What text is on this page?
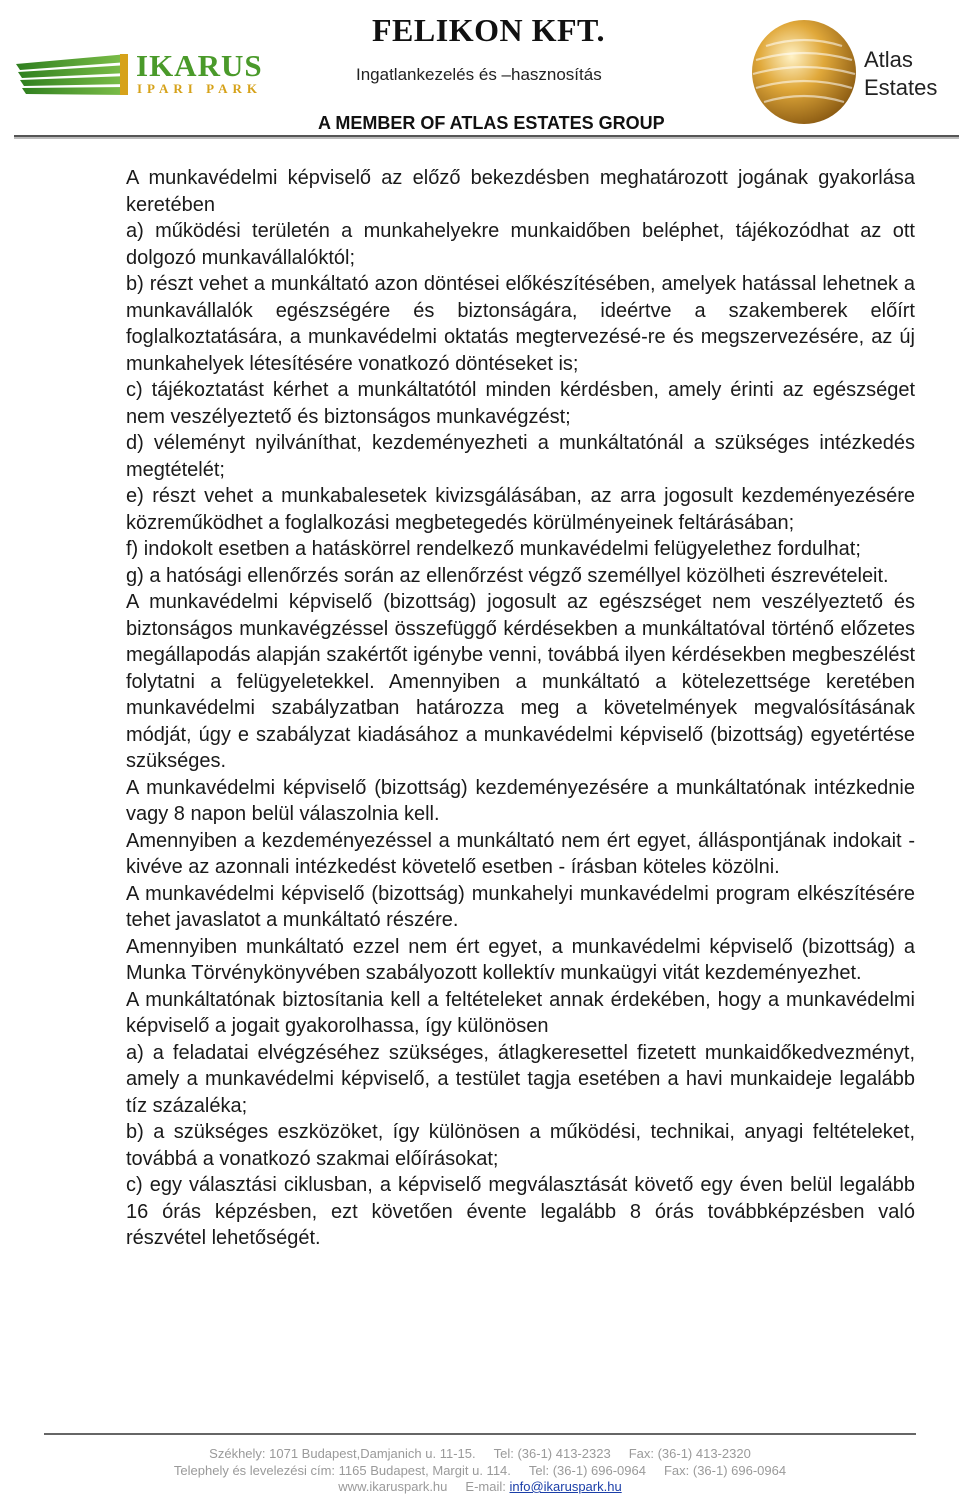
IKARUS
IPARI PARK
FELIKON KFT.
Ingatlankezelés és –hasznosítás
A MEMBER OF ATLAS ESTATES GROUP
Atlas
Estates

A munkavédelmi képviselő az előző bekezdésben meghatározott jogának gyakorlása keretében

a) működési területén a munkahelyekre munkaidőben beléphet, tájékozódhat az ott dolgozó munkavállalóktól;

b) részt vehet a munkáltató azon döntései előkészítésében, amelyek hatással lehetnek a munkavállalók egészségére és biztonságára, ideértve a szakemberek előírt foglalkoztatására, a munkavédelmi oktatás megtervezésé-re és megszervezésére, az új munkahelyek létesítésére vonatkozó döntéseket is;

c) tájékoztatást kérhet a munkáltatótól minden kérdésben, amely érinti az egészséget nem veszélyeztető és biztonságos munkavégzést;

d) véleményt nyilváníthat, kezdeményezheti a munkáltatónál a szükséges intézkedés megtételét;

e) részt vehet a munkabalesetek kivizsgálásában, az arra jogosult kezdeményezésére közreműködhet a foglalkozási megbetegedés körülményeinek feltárásában;

f) indokolt esetben a hatáskörrel rendelkező munkavédelmi felügyelethez fordulhat;

g) a hatósági ellenőrzés során az ellenőrzést végző személlyel közölheti észrevételeit.

A munkavédelmi képviselő (bizottság) jogosult az egészséget nem veszélyeztető és biztonságos munkavégzéssel összefüggő kérdésekben a munkáltatóval történő előzetes megállapodás alapján szakértőt igénybe venni, továbbá ilyen kérdésekben megbeszélést folytatni a felügyeletekkel. Amennyiben a munkáltató a kötelezettsége keretében munkavédelmi szabályzatban határozza meg a követelmények megvalósításának módját, úgy e szabályzat kiadásához a munkavédelmi képviselő (bizottság) egyetértése szükséges.

A munkavédelmi képviselő (bizottság) kezdeményezésére a munkáltatónak intézkednie vagy 8 napon belül válaszolnia kell.

Amennyiben a kezdeményezéssel a munkáltató nem ért egyet, álláspontjának indokait - kivéve az azonnali intézkedést követelő esetben - írásban köteles közölni.

A munkavédelmi képviselő (bizottság) munkahelyi munkavédelmi program elkészítésére tehet javaslatot a munkáltató részére.

Amennyiben munkáltató ezzel nem ért egyet, a munkavédelmi képviselő (bizottság) a Munka Törvénykönyvében szabályozott kollektív munkaügyi vitát kezdeményezhet.

A munkáltatónak biztosítania kell a feltételeket annak érdekében, hogy a munkavédelmi képviselő a jogait gyakorolhassa, így különösen

a) a feladatai elvégzéséhez szükséges, átlagkeresettel fizetett munkaidőkedvezményt, amely a munkavédelmi képviselő, a testület tagja esetében a havi munkaideje legalább tíz százaléka;

b) a szükséges eszközöket, így különösen a működési, technikai, anyagi feltételeket, továbbá a vonatkozó szakmai előírásokat;

c) egy választási ciklusban, a képviselő megválasztását követő egy éven belül legalább 16 órás képzésben, ezt követően évente legalább 8 órás továbbképzésben való részvétel lehetőségét.

Székhely: 1071 Budapest,Damjanich u. 11-15. Tel: (36-1) 413-2323 Fax: (36-1) 413-2320
Telephely és levelezési cím: 1165 Budapest, Margit u. 114. Tel: (36-1) 696-0964 Fax: (36-1) 696-0964
www.ikaruspark.hu E-mail: info@ikaruspark.hu
